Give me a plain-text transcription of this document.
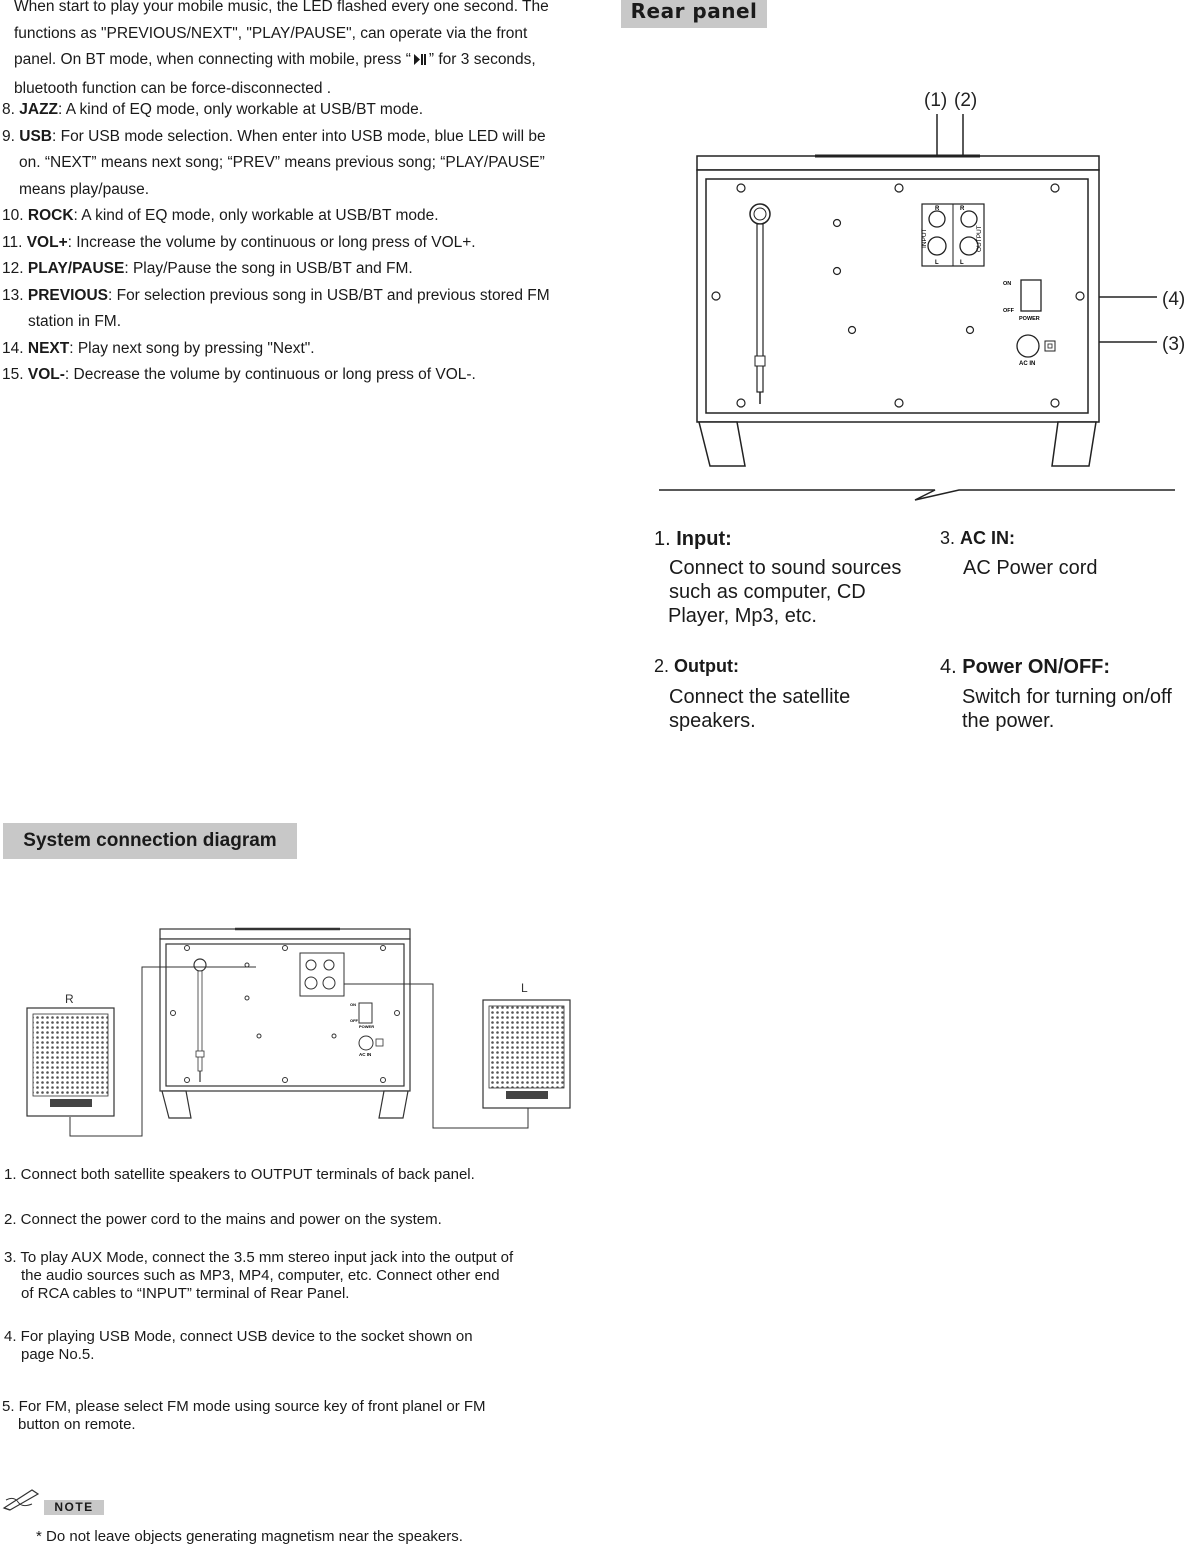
When start to play your mobile music, the LED flashed every one second. The
functions as "PREVIOUS/NEXT", "PLAY/PAUSE", can operate via the front
panel. On BT mode, when connecting with mobile, press “ ” for 3 seconds,
bluetooth function can be force-disconnected .
8. JAZZ: A kind of EQ mode, only workable at USB/BT mode.
9. USB: For USB mode selection. When enter into USB mode, blue LED will be
on. “NEXT” means next song; “PREV” means previous song; “PLAY/PAUSE”
means play/pause.
10. ROCK: A kind of EQ mode, only workable at USB/BT mode.
11. VOL+: Increase the volume by continuous or long press of VOL+.
12. PLAY/PAUSE: Play/Pause the song in USB/BT and FM.
13. PREVIOUS: For selection previous song in USB/BT and previous stored FM
station in FM.
14. NEXT: Play next song by pressing "Next".
15. VOL-: Decrease the volume by continuous or long press of VOL-.
Rear panel
(1) (2)
(4)
(3)
R	R
L	L
INPUT	OUTPUT
ON
OFF
POWER
AC IN
1. Input:
Connect to sound sources
such as computer, CD
Player, Mp3, etc.
2. Output:
Connect the satellite
speakers.
3. AC IN:
AC Power cord
4. Power ON/OFF:
Switch for turning on/off
the power.
System connection diagram
R
L
ON
OFF
POWER
AC IN
1. Connect both satellite speakers to OUTPUT terminals of back panel.
2. Connect the power cord to the mains and power on the system.
3. To play AUX Mode, connect the 3.5 mm stereo input jack into the output of
the audio sources such as MP3, MP4, computer, etc. Connect other end
of RCA cables to “INPUT” terminal of Rear Panel.
4. For playing USB Mode, connect USB device to the socket shown on
page No.5.
5. For FM, please select FM mode using source key of front planel or FM
button on remote.
NOTE
* Do not leave objects generating magnetism near the speakers.
